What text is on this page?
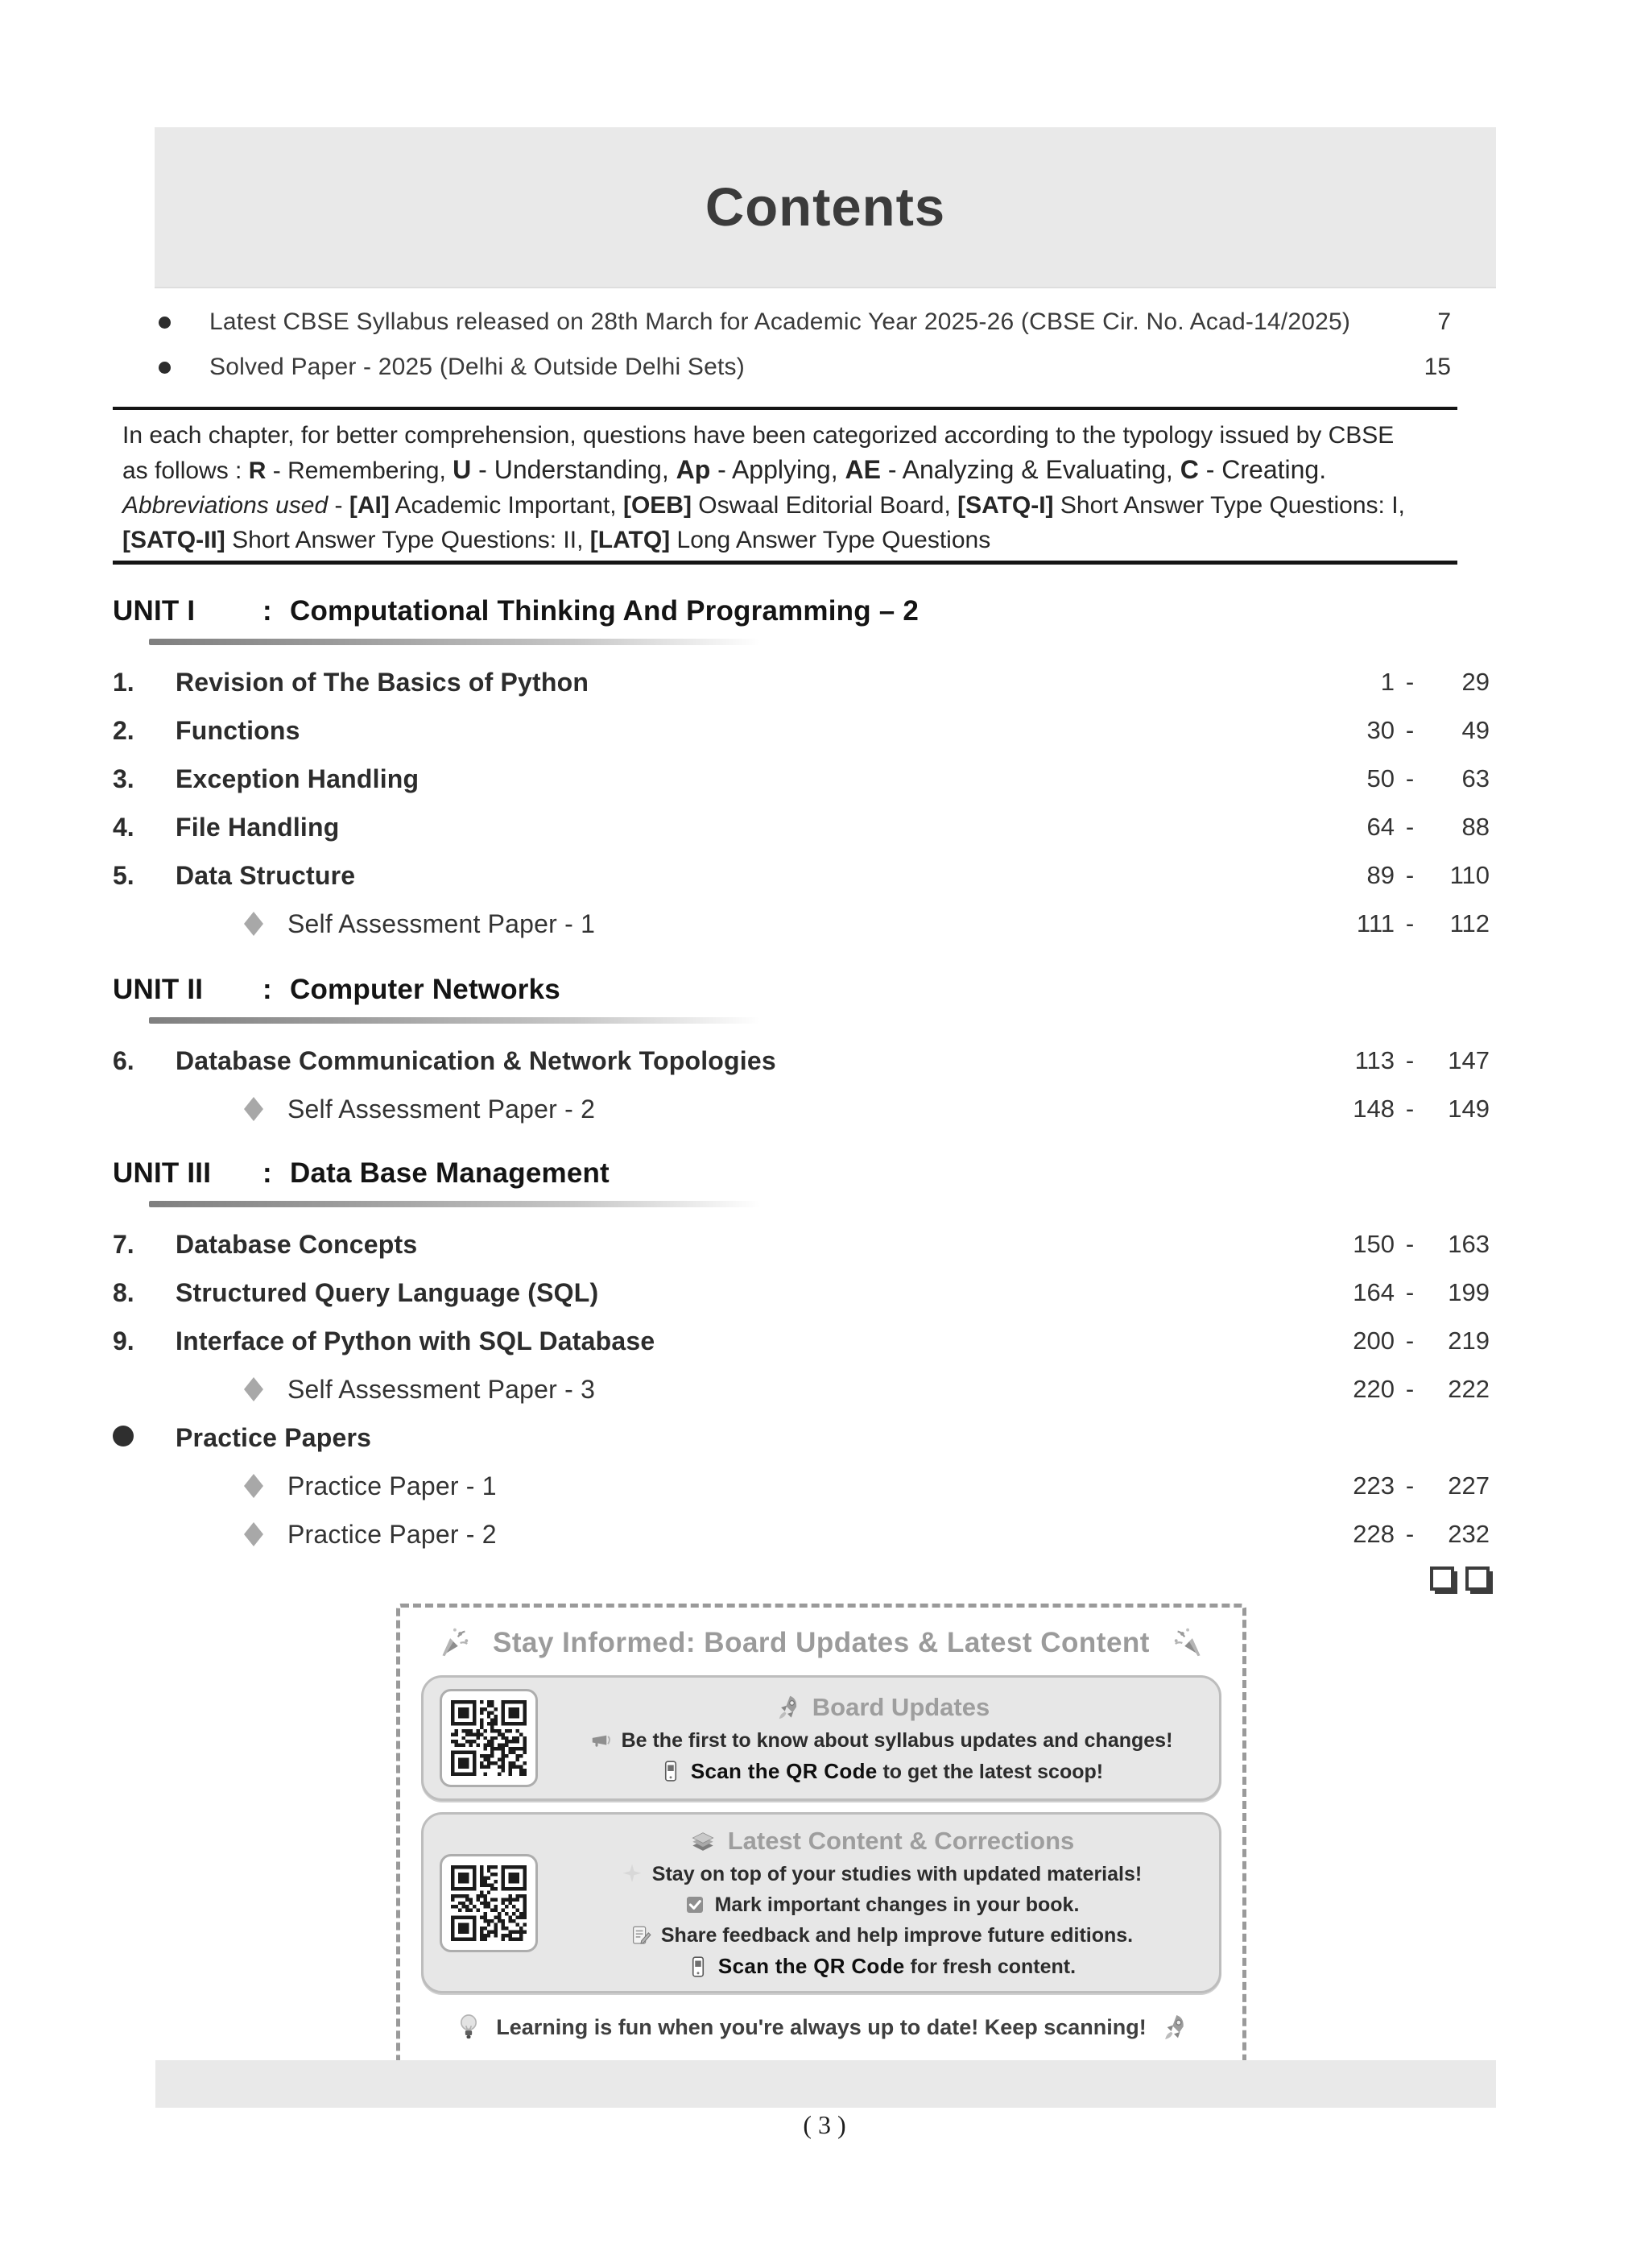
Contents
Latest CBSE Syllabus released on 28th March for Academic Year 2025-26 (CBSE Cir. No. Acad-14/2025)	7
Solved Paper - 2025 (Delhi & Outside Delhi Sets)	15

In each chapter, for better comprehension, questions have been categorized according to the typology issued by CBSE
as follows : R - Remembering, U - Understanding, Ap - Applying, AE - Analyzing & Evaluating, C - Creating.
Abbreviations used - [AI] Academic Important, [OEB] Oswaal Editorial Board, [SATQ-I] Short Answer Type Questions: I,
[SATQ-II] Short Answer Type Questions: II, [LATQ] Long Answer Type Questions

UNIT I : Computational Thinking And Programming – 2
1.	Revision of The Basics of Python	1 -	29
2.	Functions	30 -	49
3.	Exception Handling	50 -	63
4.	File Handling	64 -	88
5.	Data Structure	89 -	110
Self Assessment Paper - 1	111 -	112
UNIT II : Computer Networks
6.	Database Communication & Network Topologies	113 -	147
Self Assessment Paper - 2	148 -	149
UNIT III : Data Base Management
7.	Database Concepts	150 -	163
8.	Structured Query Language (SQL)	164 -	199
9.	Interface of Python with SQL Database	200 -	219
Self Assessment Paper - 3	220 -	222
Practice Papers
Practice Paper - 1	223 -	227
Practice Paper - 2	228 -	232
Stay Informed: Board Updates & Latest Content
Board Updates
Be the first to know about syllabus updates and changes!
Scan the QR Code to get the latest scoop!
Latest Content & Corrections
Stay on top of your studies with updated materials!
Mark important changes in your book.
Share feedback and help improve future editions.
Scan the QR Code for fresh content.
Learning is fun when you're always up to date! Keep scanning!
( 3 )
